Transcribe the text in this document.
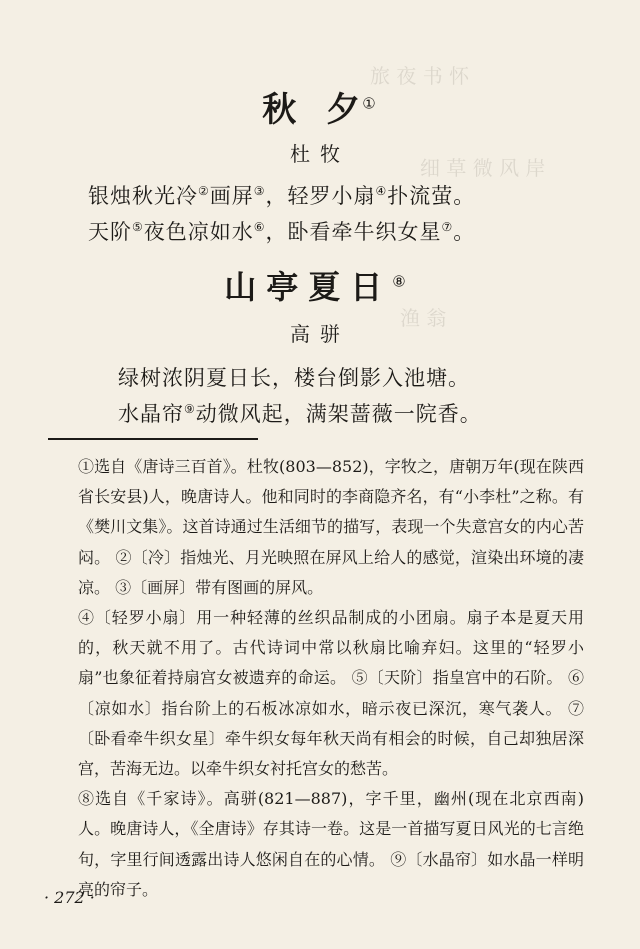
旅 夜 书 怀
细 草 微 风 岸
渔 翁
秋 夕①
杜牧
银烛秋光冷②画屏③，轻罗小扇④扑流萤。
天阶⑤夜色凉如水⑥，卧看牵牛织女星⑦。
山亭夏日⑧
高骈
绿树浓阴夏日长，楼台倒影入池塘。
水晶帘⑨动微风起，满架蔷薇一院香。

①选自《唐诗三百首》。杜牧(803—852)，字牧之，唐朝万年(现在陕西省长安县)人，晚唐诗人。他和同时的李商隐齐名，有“小李杜”之称。有《樊川文集》。这首诗通过生活细节的描写，表现一个失意宫女的内心苦闷。 ②〔冷〕指烛光、月光映照在屏风上给人的感觉，渲染出环境的凄凉。 ③〔画屏〕带有图画的屏风。

④〔轻罗小扇〕用一种轻薄的丝织品制成的小团扇。扇子本是夏天用的，秋天就不用了。古代诗词中常以秋扇比喻弃妇。这里的“轻罗小扇”也象征着持扇宫女被遗弃的命运。 ⑤〔天阶〕指皇宫中的石阶。 ⑥〔凉如水〕指台阶上的石板冰凉如水，暗示夜已深沉，寒气袭人。 ⑦〔卧看牵牛织女星〕牵牛织女每年秋天尚有相会的时候，自己却独居深宫，苦海无边。以牵牛织女衬托宫女的愁苦。

⑧选自《千家诗》。高骈(821—887)，字千里，幽州(现在北京西南)人。晚唐诗人，《全唐诗》存其诗一卷。这是一首描写夏日风光的七言绝句，字里行间透露出诗人悠闲自在的心情。 ⑨〔水晶帘〕如水晶一样明亮的帘子。

· 272 ·
